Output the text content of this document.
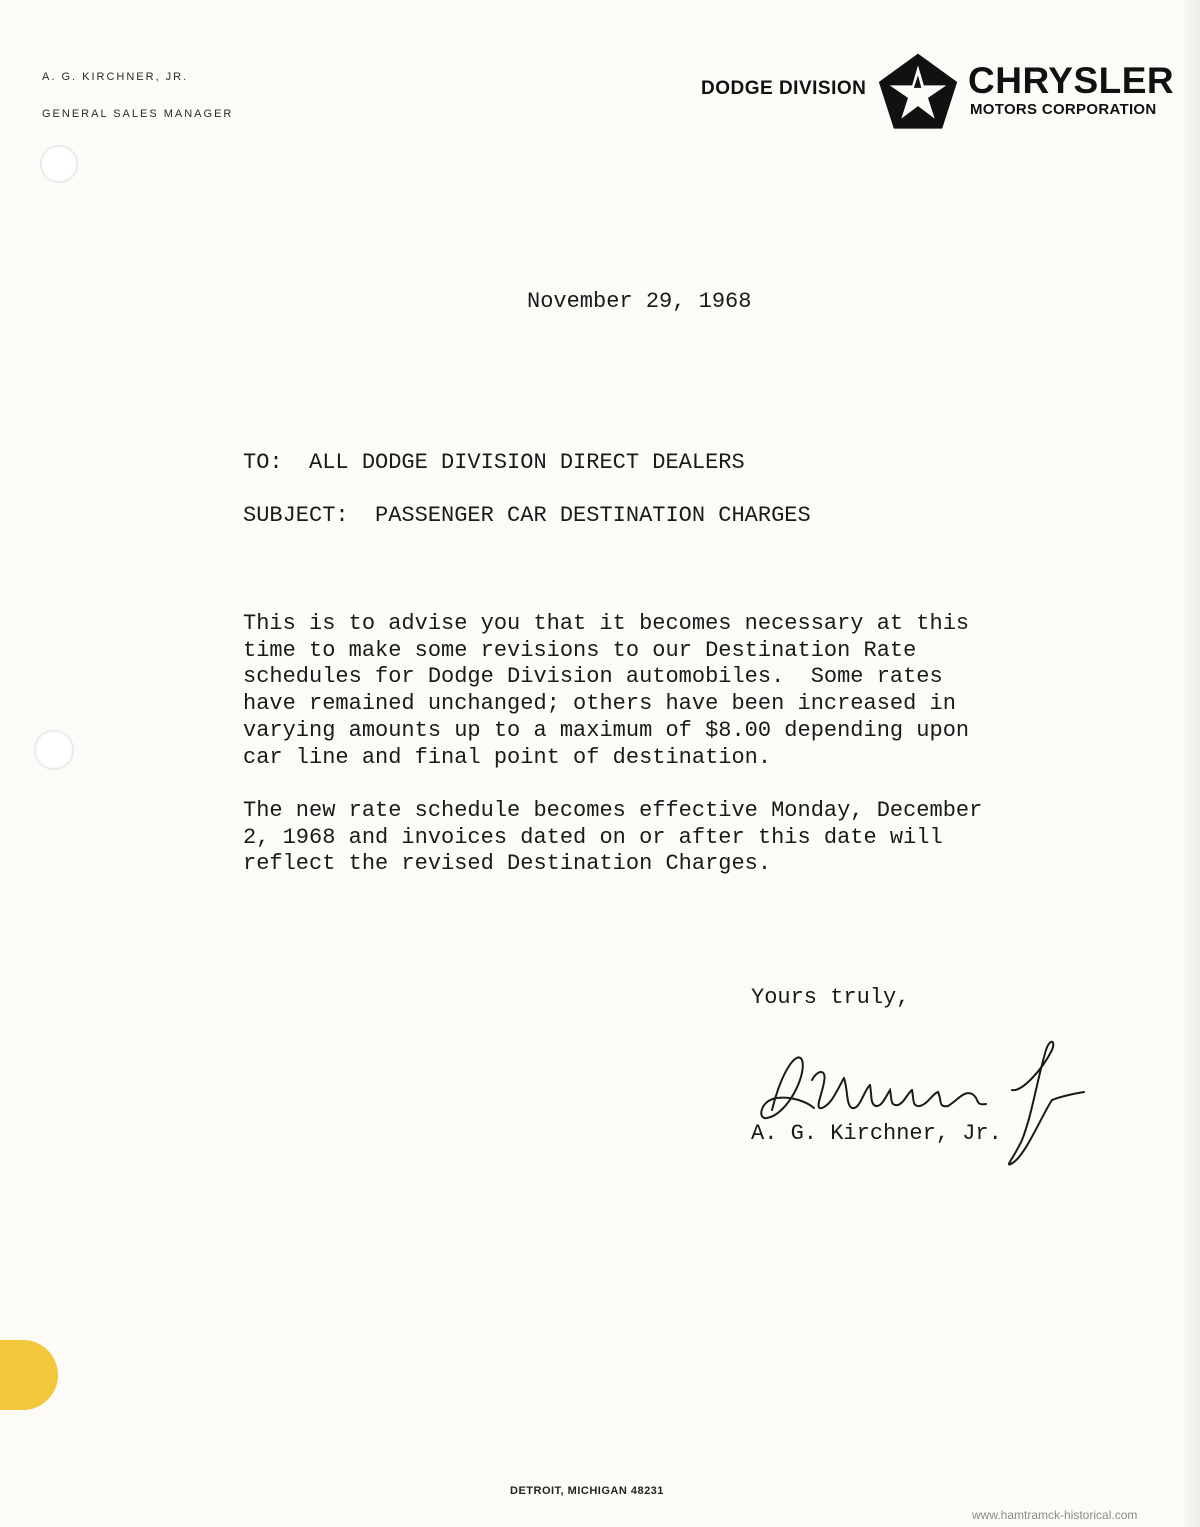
A. G. KIRCHNER, JR.
GENERAL SALES MANAGER
DODGE DIVISION	CHRYSLER
MOTORS CORPORATION
November 29, 1968
TO:  ALL DODGE DIVISION DIRECT DEALERS
SUBJECT:  PASSENGER CAR DESTINATION CHARGES
This is to advise you that it becomes necessary at this
time to make some revisions to our Destination Rate
schedules for Dodge Division automobiles.  Some rates
have remained unchanged; others have been increased in
varying amounts up to a maximum of $8.00 depending upon
car line and final point of destination.
The new rate schedule becomes effective Monday, December
2, 1968 and invoices dated on or after this date will
reflect the revised Destination Charges.
Yours truly,
A. G. Kirchner, Jr.
DETROIT, MICHIGAN 48231
www.hamtramck-historical.com
